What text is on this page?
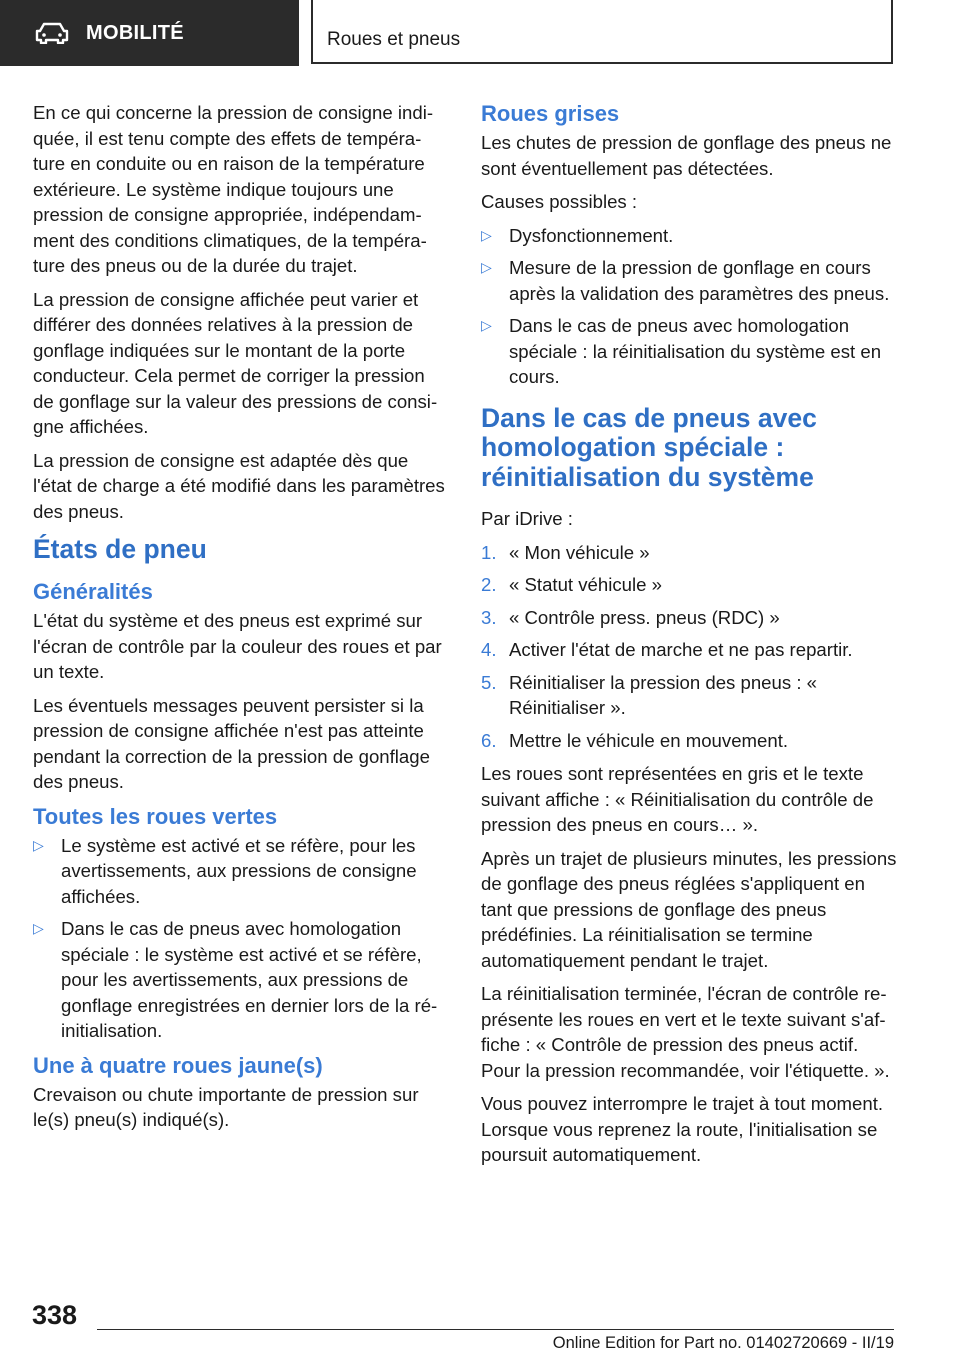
MOBILITÉ	Roues et pneus

En ce qui concerne la pression de consigne indiquée, il est tenu compte des effets de température en conduite ou en raison de la température extérieure. Le système indique toujours une pression de consigne appropriée, indépendamment des conditions climatiques, de la température des pneus ou de la durée du trajet.

La pression de consigne affichée peut varier et différer des données relatives à la pression de gonflage indiquées sur le montant de la porte conducteur. Cela permet de corriger la pression de gonflage sur la valeur des pressions de consigne affichées.

La pression de consigne est adaptée dès que l'état de charge a été modifié dans les paramètres des pneus.

États de pneu
Généralités

L'état du système et des pneus est exprimé sur l'écran de contrôle par la couleur des roues et par un texte.

Les éventuels messages peuvent persister si la pression de consigne affichée n'est pas atteinte pendant la correction de la pression de gonflage des pneus.

Toutes les roues vertes
▷ Le système est activé et se réfère, pour les avertissements, aux pressions de consigne affichées.
▷ Dans le cas de pneus avec homologation spéciale : le système est activé et se réfère, pour les avertissements, aux pressions de gonflage enregistrées en dernier lors de la réinitialisation.
Une à quatre roues jaune(s)

Crevaison ou chute importante de pression sur le(s) pneu(s) indiqué(s).

Roues grises

Les chutes de pression de gonflage des pneus ne sont éventuellement pas détectées.

Causes possibles :

▷ Dysfonctionnement.
▷ Mesure de la pression de gonflage en cours après la validation des paramètres des pneus.
▷ Dans le cas de pneus avec homologation spéciale : la réinitialisation du système est en cours.
Dans le cas de pneus avec homologation spéciale : réinitialisation du système

Par iDrive :

1. « Mon véhicule »
2. « Statut véhicule »
3. « Contrôle press. pneus (RDC) »
4. Activer l'état de marche et ne pas repartir.
5. Réinitialiser la pression des pneus : « Réinitialiser ».
6. Mettre le véhicule en mouvement.

Les roues sont représentées en gris et le texte suivant affiche : « Réinitialisation du contrôle de pression des pneus en cours… ».

Après un trajet de plusieurs minutes, les pressions de gonflage des pneus réglées s'appliquent en tant que pressions de gonflage des pneus prédéfinies. La réinitialisation se termine automatiquement pendant le trajet.

La réinitialisation terminée, l'écran de contrôle représente les roues en vert et le texte suivant s'affiche : « Contrôle de pression des pneus actif. Pour la pression recommandée, voir l'étiquette. ».

Vous pouvez interrompre le trajet à tout moment. Lorsque vous reprenez la route, l'initialisation se poursuit automatiquement.

338
Online Edition for Part no. 01402720669 - II/19
